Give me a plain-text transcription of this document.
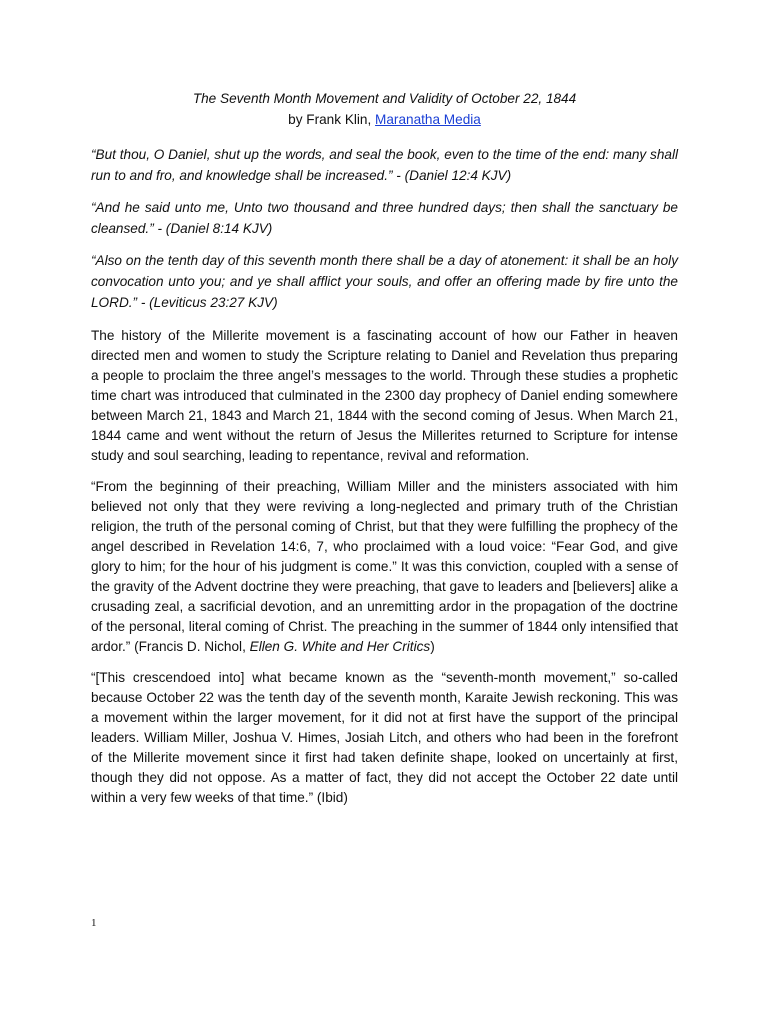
The Seventh Month Movement and Validity of October 22, 1844
by Frank Klin, Maranatha Media
“But thou, O Daniel, shut up the words, and seal the book, even to the time of the end: many shall run to and fro, and knowledge shall be increased.” - (Daniel 12:4 KJV)
“And he said unto me, Unto two thousand and three hundred days; then shall the sanctuary be cleansed.” - (Daniel 8:14 KJV)
“Also on the tenth day of this seventh month there shall be a day of atonement: it shall be an holy convocation unto you; and ye shall afflict your souls, and offer an offering made by fire unto the LORD.” - (Leviticus 23:27 KJV)
The history of the Millerite movement is a fascinating account of how our Father in heaven directed men and women to study the Scripture relating to Daniel and Revelation thus preparing a people to proclaim the three angel’s messages to the world. Through these studies a prophetic time chart was introduced that culminated in the 2300 day prophecy of Daniel ending somewhere between March 21, 1843 and March 21, 1844 with the second coming of Jesus. When March 21, 1844 came and went without the return of Jesus the Millerites returned to Scripture for intense study and soul searching, leading to repentance, revival and reformation.
“From the beginning of their preaching, William Miller and the ministers associated with him believed not only that they were reviving a long-neglected and primary truth of the Christian religion, the truth of the personal coming of Christ, but that they were fulfilling the prophecy of the angel described in Revelation 14:6, 7, who proclaimed with a loud voice: “Fear God, and give glory to him; for the hour of his judgment is come.” It was this conviction, coupled with a sense of the gravity of the Advent doctrine they were preaching, that gave to leaders and [believers] alike a crusading zeal, a sacrificial devotion, and an unremitting ardor in the propagation of the doctrine of the personal, literal coming of Christ. The preaching in the summer of 1844 only intensified that ardor.” (Francis D. Nichol, Ellen G. White and Her Critics)
“[This crescendoed into] what became known as the “seventh-month movement,” so-called because October 22 was the tenth day of the seventh month, Karaite Jewish reckoning. This was a movement within the larger movement, for it did not at first have the support of the principal leaders. William Miller, Joshua V. Himes, Josiah Litch, and others who had been in the forefront of the Millerite movement since it first had taken definite shape, looked on uncertainly at first, though they did not oppose. As a matter of fact, they did not accept the October 22 date until within a very few weeks of that time.” (Ibid)
1
